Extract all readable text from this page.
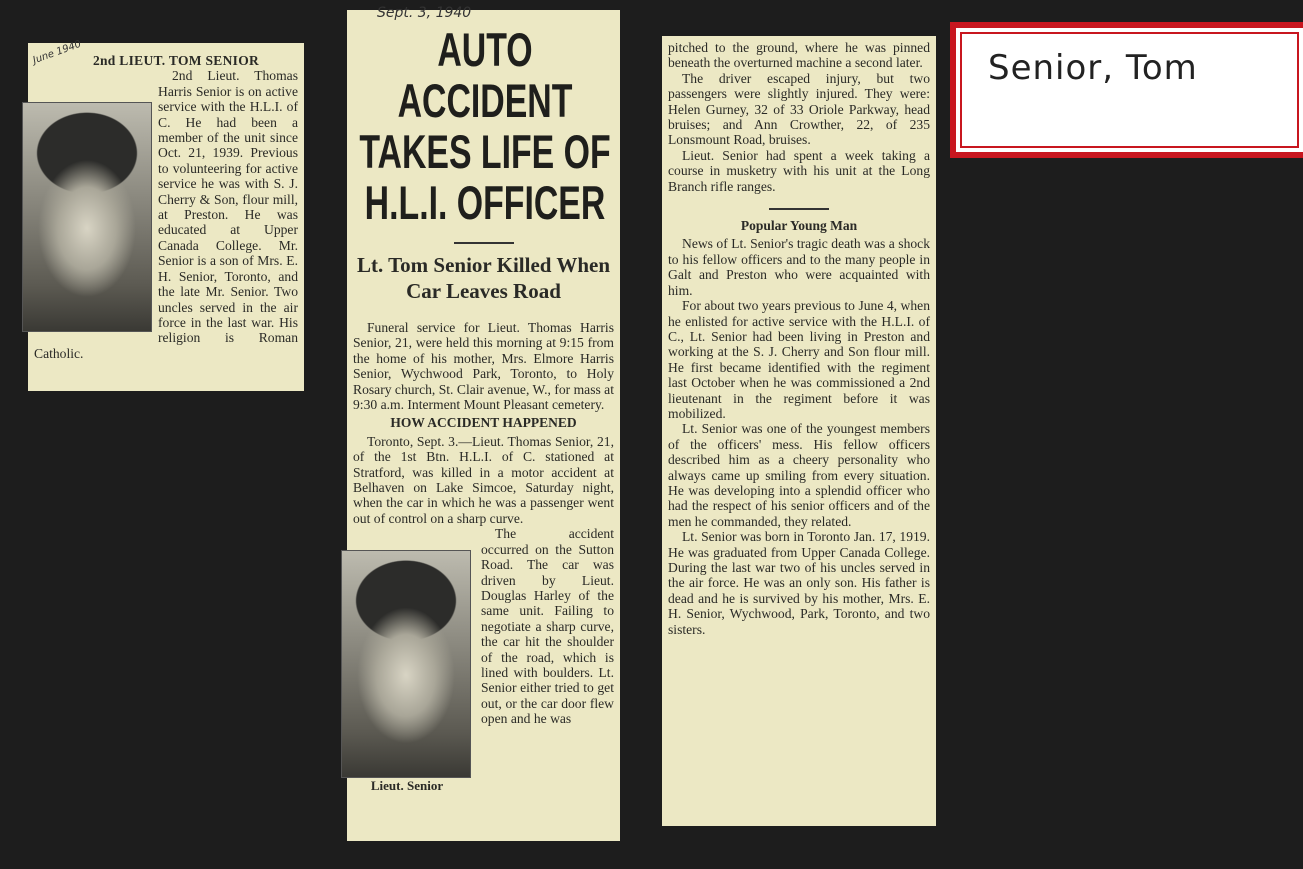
June 1940 2nd LIEUT. TOM SENIOR

2nd Lieut. Thomas Harris Senior is on active service with the H.L.I. of C. He had been a member of the unit since Oct. 21, 1939. Previous to volunteering for active service he was with S. J. Cherry & Son, flour mill, at Preston. He was educated at Upper Canada College. Mr. Senior is a son of Mrs. E. H. Senior, Toronto, and the late Mr. Senior. Two uncles served in the air force in the last war. His religion is Roman Catholic.

Sept. 3, 1940
AUTO ACCIDENT
TAKES LIFE OF
H.L.I. OFFICER
Lt. Tom Senior Killed When Car Leaves Road

Funeral service for Lieut. Thomas Harris Senior, 21, were held this morning at 9:15 from the home of his mother, Mrs. Elmore Harris Senior, Wychwood Park, Toronto, to Holy Rosary church, St. Clair avenue, W., for mass at 9:30 a.m. Interment Mount Pleasant cemetery.

HOW ACCIDENT HAPPENED

Toronto, Sept. 3.—Lieut. Thomas Senior, 21, of the 1st Btn. H.L.I. of C. stationed at Stratford, was killed in a motor accident at Belhaven on Lake Simcoe, Saturday night, when the car in which he was a passenger went out of control on a sharp curve.

Lieut. Senior
The accident occurred on the Sutton Road. The car was driven by Lieut. Douglas Harley of the same unit. Failing to negotiate a sharp curve, the car hit the shoulder of the road, which is lined with boulders. Lt. Senior either tried to get out, or the car door flew open and he was

pitched to the ground, where he was pinned beneath the overturned machine a second later.

The driver escaped injury, but two passengers were slightly injured. They were: Helen Gurney, 32 of 33 Oriole Parkway, head bruises; and Ann Crowther, 22, of 235 Lonsmount Road, bruises.

Lieut. Senior had spent a week taking a course in musketry with his unit at the Long Branch rifle ranges.

Popular Young Man

News of Lt. Senior's tragic death was a shock to his fellow officers and to the many people in Galt and Preston who were acquainted with him.

For about two years previous to June 4, when he enlisted for active service with the H.L.I. of C., Lt. Senior had been living in Preston and working at the S. J. Cherry and Son flour mill. He first became identified with the regiment last October when he was commissioned a 2nd lieutenant in the regiment before it was mobilized.

Lt. Senior was one of the youngest members of the officers' mess. His fellow officers described him as a cheery personality who always came up smiling from every situation. He was developing into a splendid officer who had the respect of his senior officers and of the men he commanded, they related.

Lt. Senior was born in Toronto Jan. 17, 1919. He was graduated from Upper Canada College. During the last war two of his uncles served in the air force. He was an only son. His father is dead and he is survived by his mother, Mrs. E. H. Senior, Wychwood, Park, Toronto, and two sisters.

Senior, Tom
